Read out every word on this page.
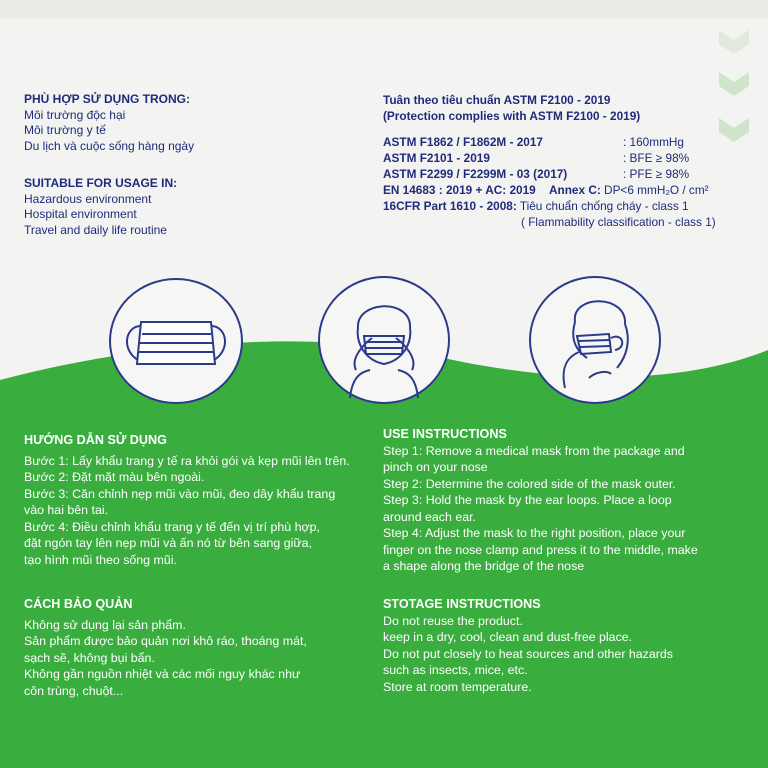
PHÙ HỢP SỬ DỤNG TRONG:
Môi trường độc hại
Môi trường y tế
Du lịch và cuộc sống hàng ngày
SUITABLE FOR USAGE IN:
Hazardous environment
Hospital environment
Travel and daily life routine
Tuân theo tiêu chuẩn ASTM F2100 - 2019
(Protection complies with ASTM F2100 - 2019)
ASTM F1862 / F1862M - 2017	: 160mmHg
ASTM F2101 - 2019	: BFE ≥ 98%
ASTM F2299 / F2299M - 03 (2017)	: PFE ≥ 98%
EN 14683 : 2019 + AC: 2019 Annex C: DP<6 mmH₂O / cm²
16CFR Part 1610 - 2008: Tiêu chuẩn chống cháy - class 1
( Flammability classification - class 1)
HƯỚNG DẪN SỬ DỤNG
Bước 1: Lấy khẩu trang y tế ra khỏi gói và kẹp mũi lên trên.
Bước 2: Đặt mặt màu bên ngoài.
Bước 3: Căn chỉnh nẹp mũi vào mũi, đeo dây khẩu trang
vào hai bên tai.
Bước 4: Điều chỉnh khẩu trang y tế đến vị trí phù hợp,
đặt ngón tay lên nẹp mũi và ấn nó từ bên sang giữa,
tạo hình mũi theo sống mũi.
CÁCH BẢO QUẢN
Không sử dụng lại sản phẩm.
Sản phẩm được bảo quản nơi khô ráo, thoáng mát,
sạch sẽ, không bụi bẩn.
Không gần nguồn nhiệt và các mối nguy khác như
côn trùng, chuột...
USE INSTRUCTIONS
Step 1: Remove a medical mask from the package and
pinch on your nose
Step 2: Determine the colored side of the mask outer.
Step 3: Hold the mask by the ear loops. Place a loop
around each ear.
Step 4: Adjust the mask to the right position, place your
finger on the nose clamp and press it to the middle, make
a shape along the bridge of the nose
STOTAGE INSTRUCTIONS
Do not reuse the product.
keep in a dry, cool, clean and dust-free place.
Do not put closely to heat sources and other hazards
such as insects, mice, etc.
Store at room temperature.
